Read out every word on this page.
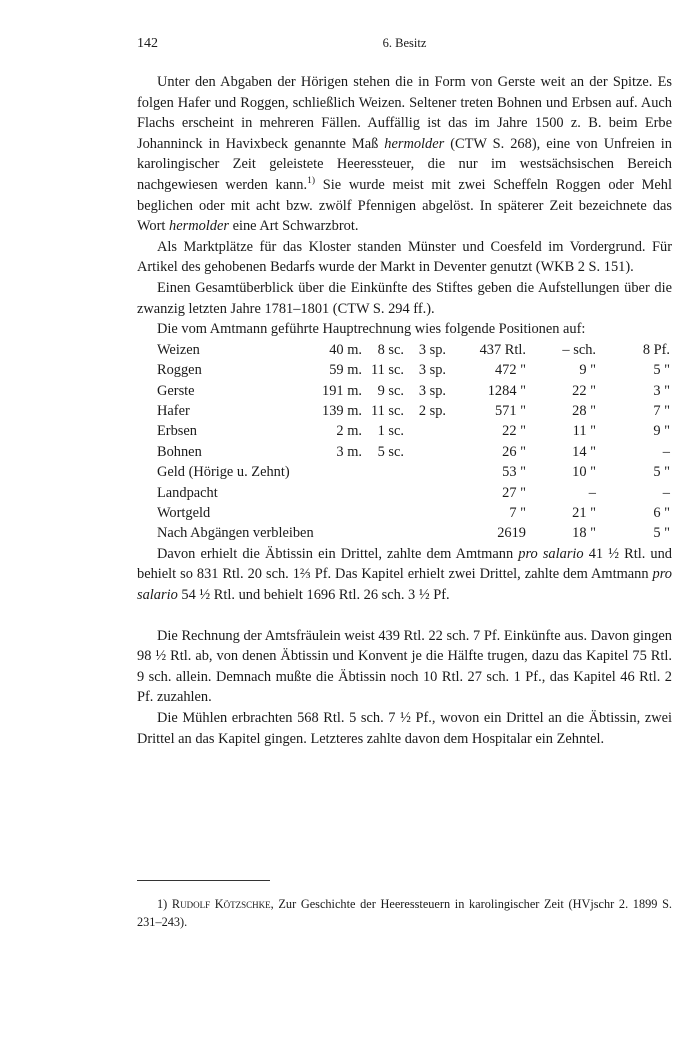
142	6. Besitz

Unter den Abgaben der Hörigen stehen die in Form von Gerste weit an der Spitze. Es folgen Hafer und Roggen, schließlich Weizen. Seltener treten Bohnen und Erbsen auf. Auch Flachs erscheint in mehreren Fällen. Auffällig ist das im Jahre 1500 z. B. beim Erbe Johanninck in Havixbeck genannte Maß hermolder (CTW S. 268), eine von Unfreien in karolingischer Zeit geleistete Heeressteuer, die nur im westsächsischen Bereich nachgewiesen werden kann.$^{1)}$ Sie wurde meist mit zwei Scheffeln Roggen oder Mehl beglichen oder mit acht bzw. zwölf Pfennigen abgelöst. In späterer Zeit bezeichnete das Wort hermolder eine Art Schwarzbrot.

Als Marktplätze für das Kloster standen Münster und Coesfeld im Vordergrund. Für Artikel des gehobenen Bedarfs wurde der Markt in Deventer genutzt (WKB 2 S. 151).

Einen Gesamtüberblick über die Einkünfte des Stiftes geben die Aufstellungen über die zwanzig letzten Jahre 1781–1801 (CTW S. 294 ff.).

Die vom Amtmann geführte Hauptrechnung wies folgende Positionen auf:

Weizen	40 m.	8 sc.	3 sp.	437 Rtl.	– sch.	8 Pf.
Roggen	59 m.	11 sc.	3 sp.	472 "	9 "	5 "
Gerste	191 m.	9 sc.	3 sp.	1284 "	22 "	3 "
Hafer	139 m.	11 sc.	2 sp.	571 "	28 "	7 "
Erbsen	2 m.	1 sc.		22 "	11 "	9 "
Bohnen	3 m.	5 sc.		26 "	14 "	–
Geld (Hörige u. Zehnt)				53 "	10 "	5 "
Landpacht				27 "	–	–
Wortgeld				7 "	21 "	6 "
Nach Abgängen verbleiben				2619	18 "	5 "

Davon erhielt die Äbtissin ein Drittel, zahlte dem Amtmann pro salario 41 ½ Rtl. und behielt so 831 Rtl. 20 sch. 1⅔ Pf. Das Kapitel erhielt zwei Drittel, zahlte dem Amtmann pro salario 54 ½ Rtl. und behielt 1696 Rtl. 26 sch. 3 ½ Pf.

Die Rechnung der Amtsfräulein weist 439 Rtl. 22 sch. 7 Pf. Einkünfte aus. Davon gingen 98 ½ Rtl. ab, von denen Äbtissin und Konvent je die Hälfte trugen, dazu das Kapitel 75 Rtl. 9 sch. allein. Demnach mußte die Äbtissin noch 10 Rtl. 27 sch. 1 Pf., das Kapitel 46 Rtl. 2 Pf. zuzahlen.

Die Mühlen erbrachten 568 Rtl. 5 sch. 7 ½ Pf., wovon ein Drittel an die Äbtissin, zwei Drittel an das Kapitel gingen. Letzteres zahlte davon dem Hospitalar ein Zehntel.

1) Rudolf Kötzschke, Zur Geschichte der Heeressteuern in karolingischer Zeit (HVjschr 2. 1899 S. 231–243).
